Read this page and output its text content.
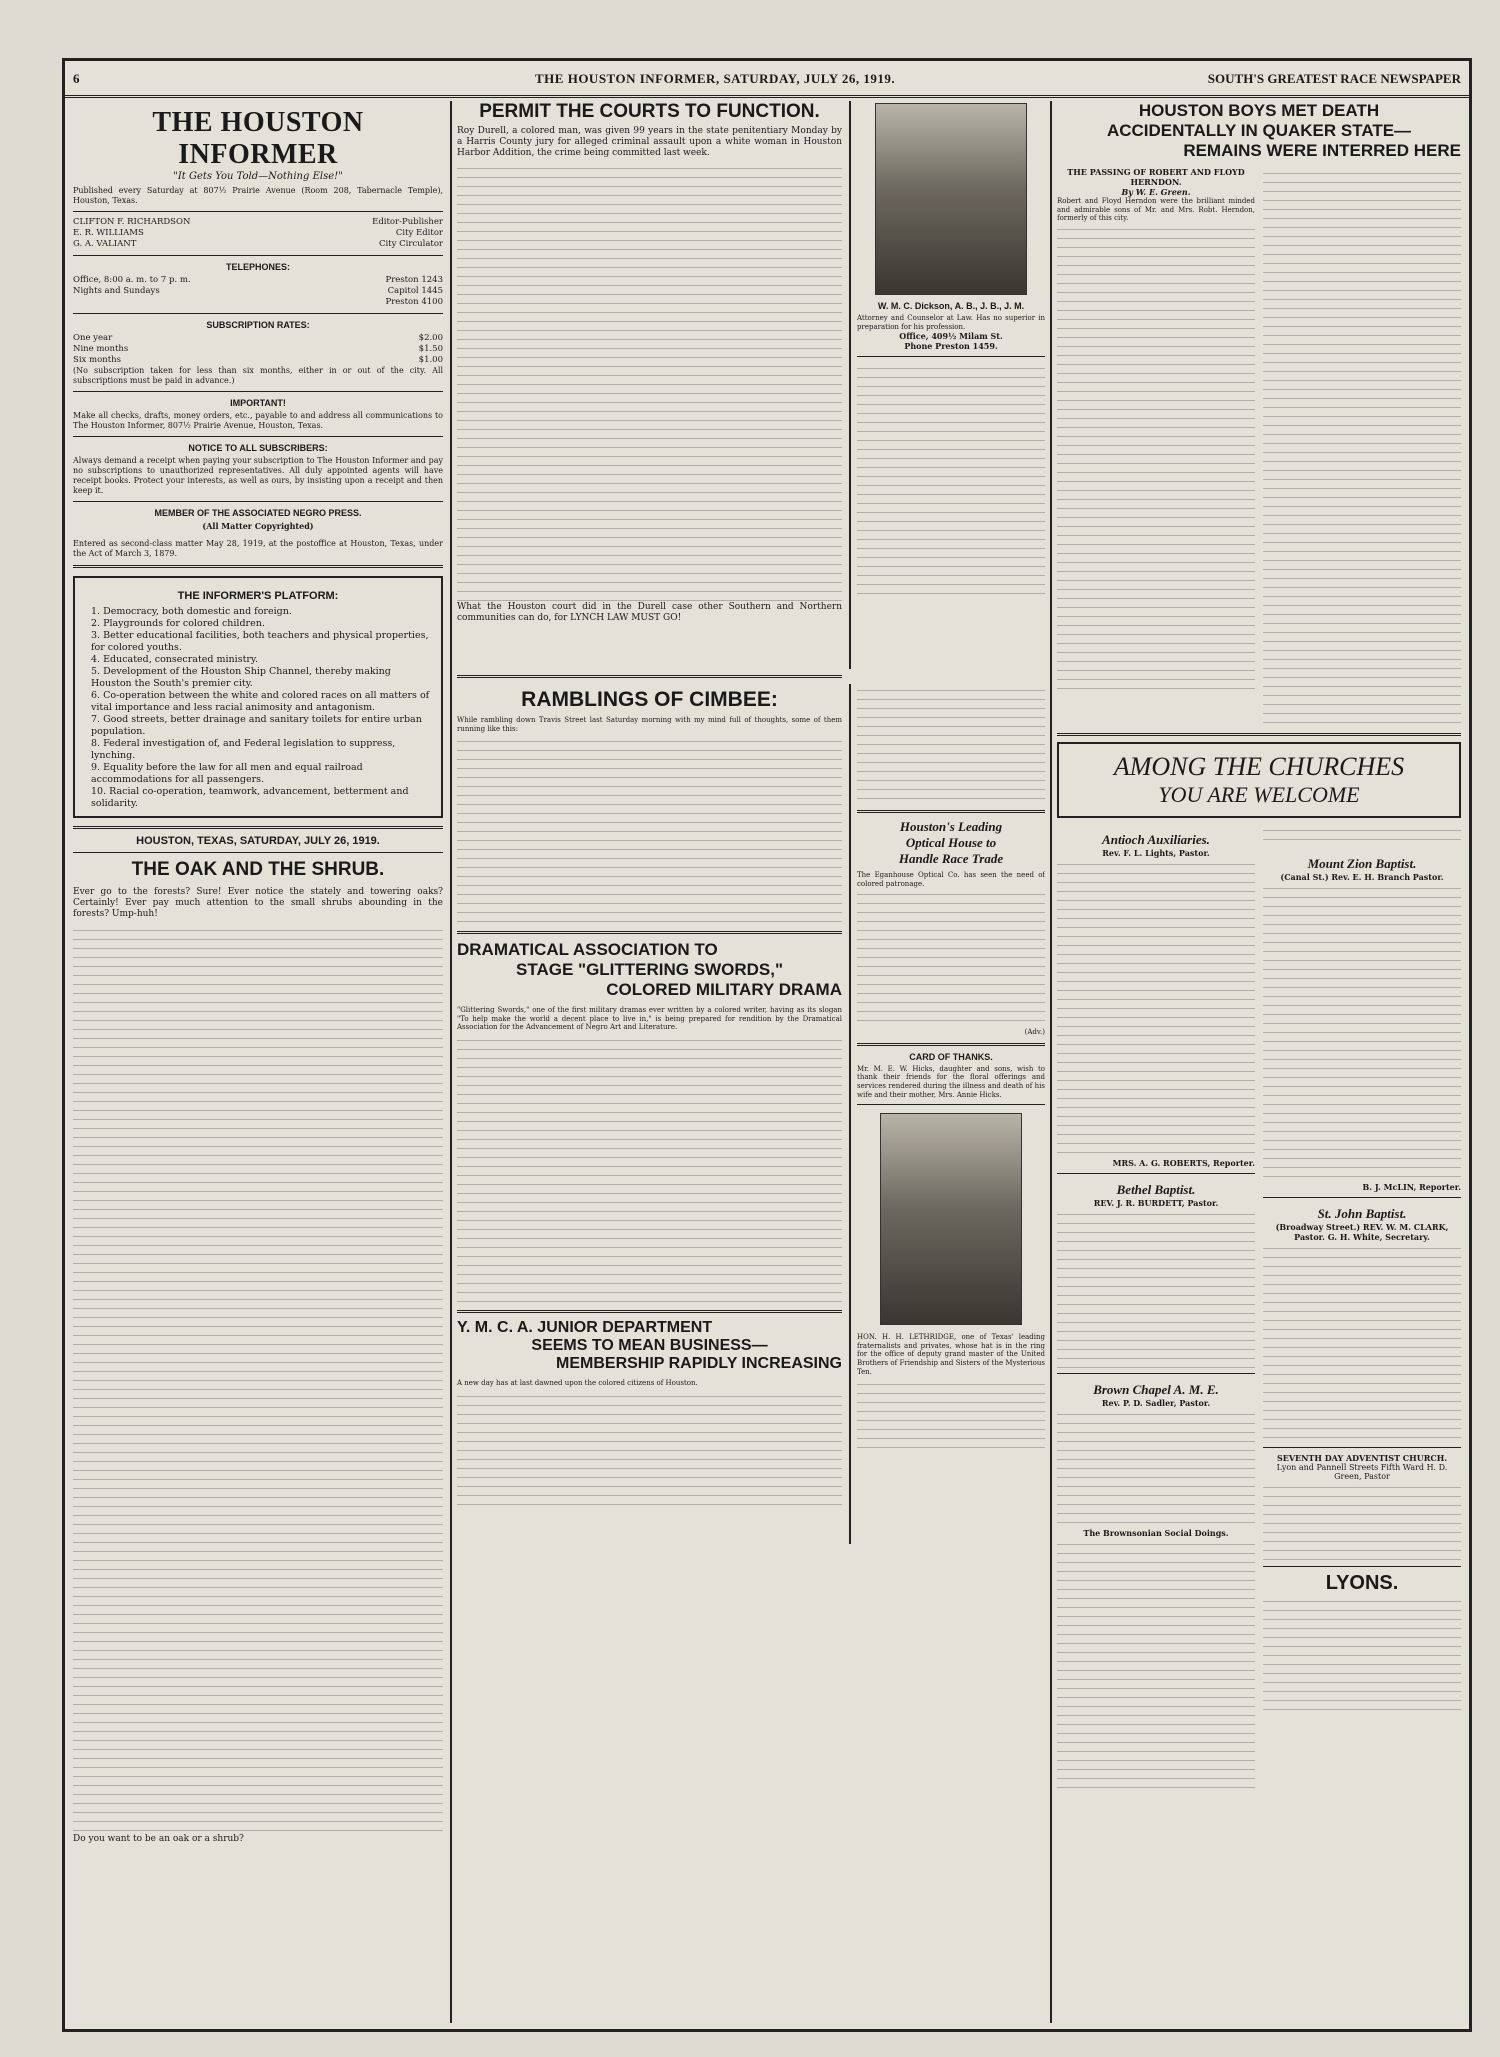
6	THE HOUSTON INFORMER, SATURDAY, JULY 26, 1919.	SOUTH'S GREATEST RACE NEWSPAPER
THE HOUSTON INFORMER
"It Gets You Told—Nothing Else!"
Published every Saturday at 807½ Prairie Avenue (Room 208, Tabernacle Temple), Houston, Texas.
CLIFTON F. RICHARDSON	Editor-Publisher
E. R. WILLIAMS	City Editor
G. A. VALIANT	City Circulator
TELEPHONES:
Office, 8:00 a. m. to 7 p. m.	Preston 1243
Nights and Sundays	Capitol 1445
Preston 4100
SUBSCRIPTION RATES:
One year	$2.00
Nine months	$1.50
Six months	$1.00
(No subscription taken for less than six months, either in or out of the city. All subscriptions must be paid in advance.)
IMPORTANT!
Make all checks, drafts, money orders, etc., payable to and address all communications to The Houston Informer, 807½ Prairie Avenue, Houston, Texas.
NOTICE TO ALL SUBSCRIBERS:
Always demand a receipt when paying your subscription to The Houston Informer and pay no subscriptions to unauthorized representatives. All duly appointed agents will have receipt books. Protect your interests, as well as ours, by insisting upon a receipt and then keep it.
MEMBER OF THE ASSOCIATED NEGRO PRESS.
(All Matter Copyrighted)
Entered as second-class matter May 28, 1919, at the postoffice at Houston, Texas, under the Act of March 3, 1879.
THE INFORMER'S PLATFORM:
1. Democracy, both domestic and foreign.
2. Playgrounds for colored children.
3. Better educational facilities, both teachers and physical properties, for colored youths.
4. Educated, consecrated ministry.
5. Development of the Houston Ship Channel, thereby making Houston the South's premier city.
6. Co-operation between the white and colored races on all matters of vital importance and less racial animosity and antagonism.
7. Good streets, better drainage and sanitary toilets for entire urban population.
8. Federal investigation of, and Federal legislation to suppress, lynching.
9. Equality before the law for all men and equal railroad accommodations for all passengers.
10. Racial co-operation, teamwork, advancement, betterment and solidarity.
HOUSTON, TEXAS, SATURDAY, JULY 26, 1919.
THE OAK AND THE SHRUB.
Ever go to the forests? Sure! Ever notice the stately and towering oaks? Certainly! Ever pay much attention to the small shrubs abounding in the forests? Ump-huh!
Do you want to be an oak or a shrub?
PERMIT THE COURTS TO FUNCTION.
Roy Durell, a colored man, was given 99 years in the state penitentiary Monday by a Harris County jury for alleged criminal assault upon a white woman in Houston Harbor Addition, the crime being committed last week.
What the Houston court did in the Durell case other Southern and Northern communities can do, for LYNCH LAW MUST GO!
W. M. C. Dickson, A. B., J. B., J. M.
Attorney and Counselor at Law. Has no superior in preparation for his profession.
Office, 409½ Milam St.
Phone Preston 1459.
RAMBLINGS OF CIMBEE:
While rambling down Travis Street last Saturday morning with my mind full of thoughts, some of them running like this:
DRAMATICAL ASSOCIATION TO
STAGE "GLITTERING SWORDS,"
COLORED MILITARY DRAMA
"Glittering Swords," one of the first military dramas ever written by a colored writer, having as its slogan "To help make the world a decent place to live in," is being prepared for rendition by the Dramatical Association for the Advancement of Negro Art and Literature.
Y. M. C. A. JUNIOR DEPARTMENT
SEEMS TO MEAN BUSINESS—
MEMBERSHIP RAPIDLY INCREASING
A new day has at last dawned upon the colored citizens of Houston.
Houston's Leading
Optical House to
Handle Race Trade
The Eganhouse Optical Co. has seen the need of colored patronage.
(Adv.)
CARD OF THANKS.
Mr. M. E. W. Hicks, daughter and sons, wish to thank their friends for the floral offerings and services rendered during the illness and death of his wife and their mother, Mrs. Annie Hicks.
HON. H. H. LETHRIDGE, one of Texas' leading fraternalists and privates, whose hat is in the ring for the office of deputy grand master of the United Brothers of Friendship and Sisters of the Mysterious Ten.
HOUSTON BOYS MET DEATH
ACCIDENTALLY IN QUAKER STATE—
REMAINS WERE INTERRED HERE
THE PASSING OF ROBERT AND FLOYD HERNDON.
By W. E. Green.
Robert and Floyd Herndon were the brilliant minded and admirable sons of Mr. and Mrs. Robt. Herndon, formerly of this city.
AMONG THE CHURCHES
YOU ARE WELCOME
Antioch Auxiliaries.
Rev. F. L. Lights, Pastor.
MRS. A. G. ROBERTS, Reporter.
Bethel Baptist.
REV. J. R. BURDETT, Pastor.
Brown Chapel A. M. E.
Rev. P. D. Sadler, Pastor.
The Brownsonian Social Doings.
Mount Zion Baptist.
(Canal St.) Rev. E. H. Branch Pastor.
B. J. McLIN, Reporter.
St. John Baptist.
(Broadway Street.) REV. W. M. CLARK, Pastor. G. H. White, Secretary.
SEVENTH DAY ADVENTIST CHURCH.
Lyon and Pannell Streets Fifth Ward H. D. Green, Pastor
LYONS.
